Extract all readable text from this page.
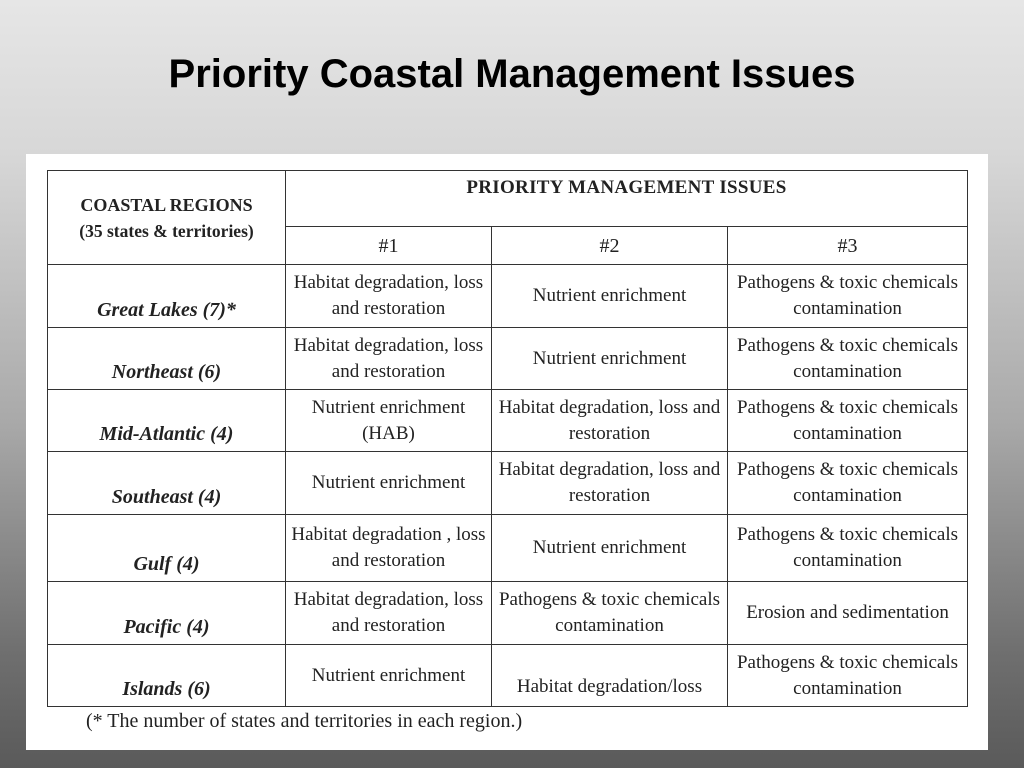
Priority Coastal Management Issues
COASTAL REGIONS
(35 states & territories)	PRIORITY MANAGEMENT ISSUES		
	#1	#2	#3
Great Lakes (7)*	Habitat degradation, loss and restoration	Nutrient enrichment	Pathogens & toxic chemicals contamination
Northeast (6)	Habitat degradation, loss and restoration	Nutrient enrichment	Pathogens & toxic chemicals contamination
Mid-Atlantic (4)	Nutrient enrichment (HAB)	Habitat degradation, loss and restoration	Pathogens & toxic chemicals contamination
Southeast (4)	Nutrient enrichment	Habitat degradation, loss and restoration	Pathogens & toxic chemicals contamination
Gulf (4)	Habitat degradation , loss and restoration	Nutrient enrichment	Pathogens & toxic chemicals contamination
Pacific (4)	Habitat degradation, loss and restoration	Pathogens & toxic chemicals contamination	Erosion and sedimentation
Islands (6)	Nutrient enrichment	Habitat degradation/loss	Pathogens & toxic chemicals contamination
(* The number of states and territories in each region.)
